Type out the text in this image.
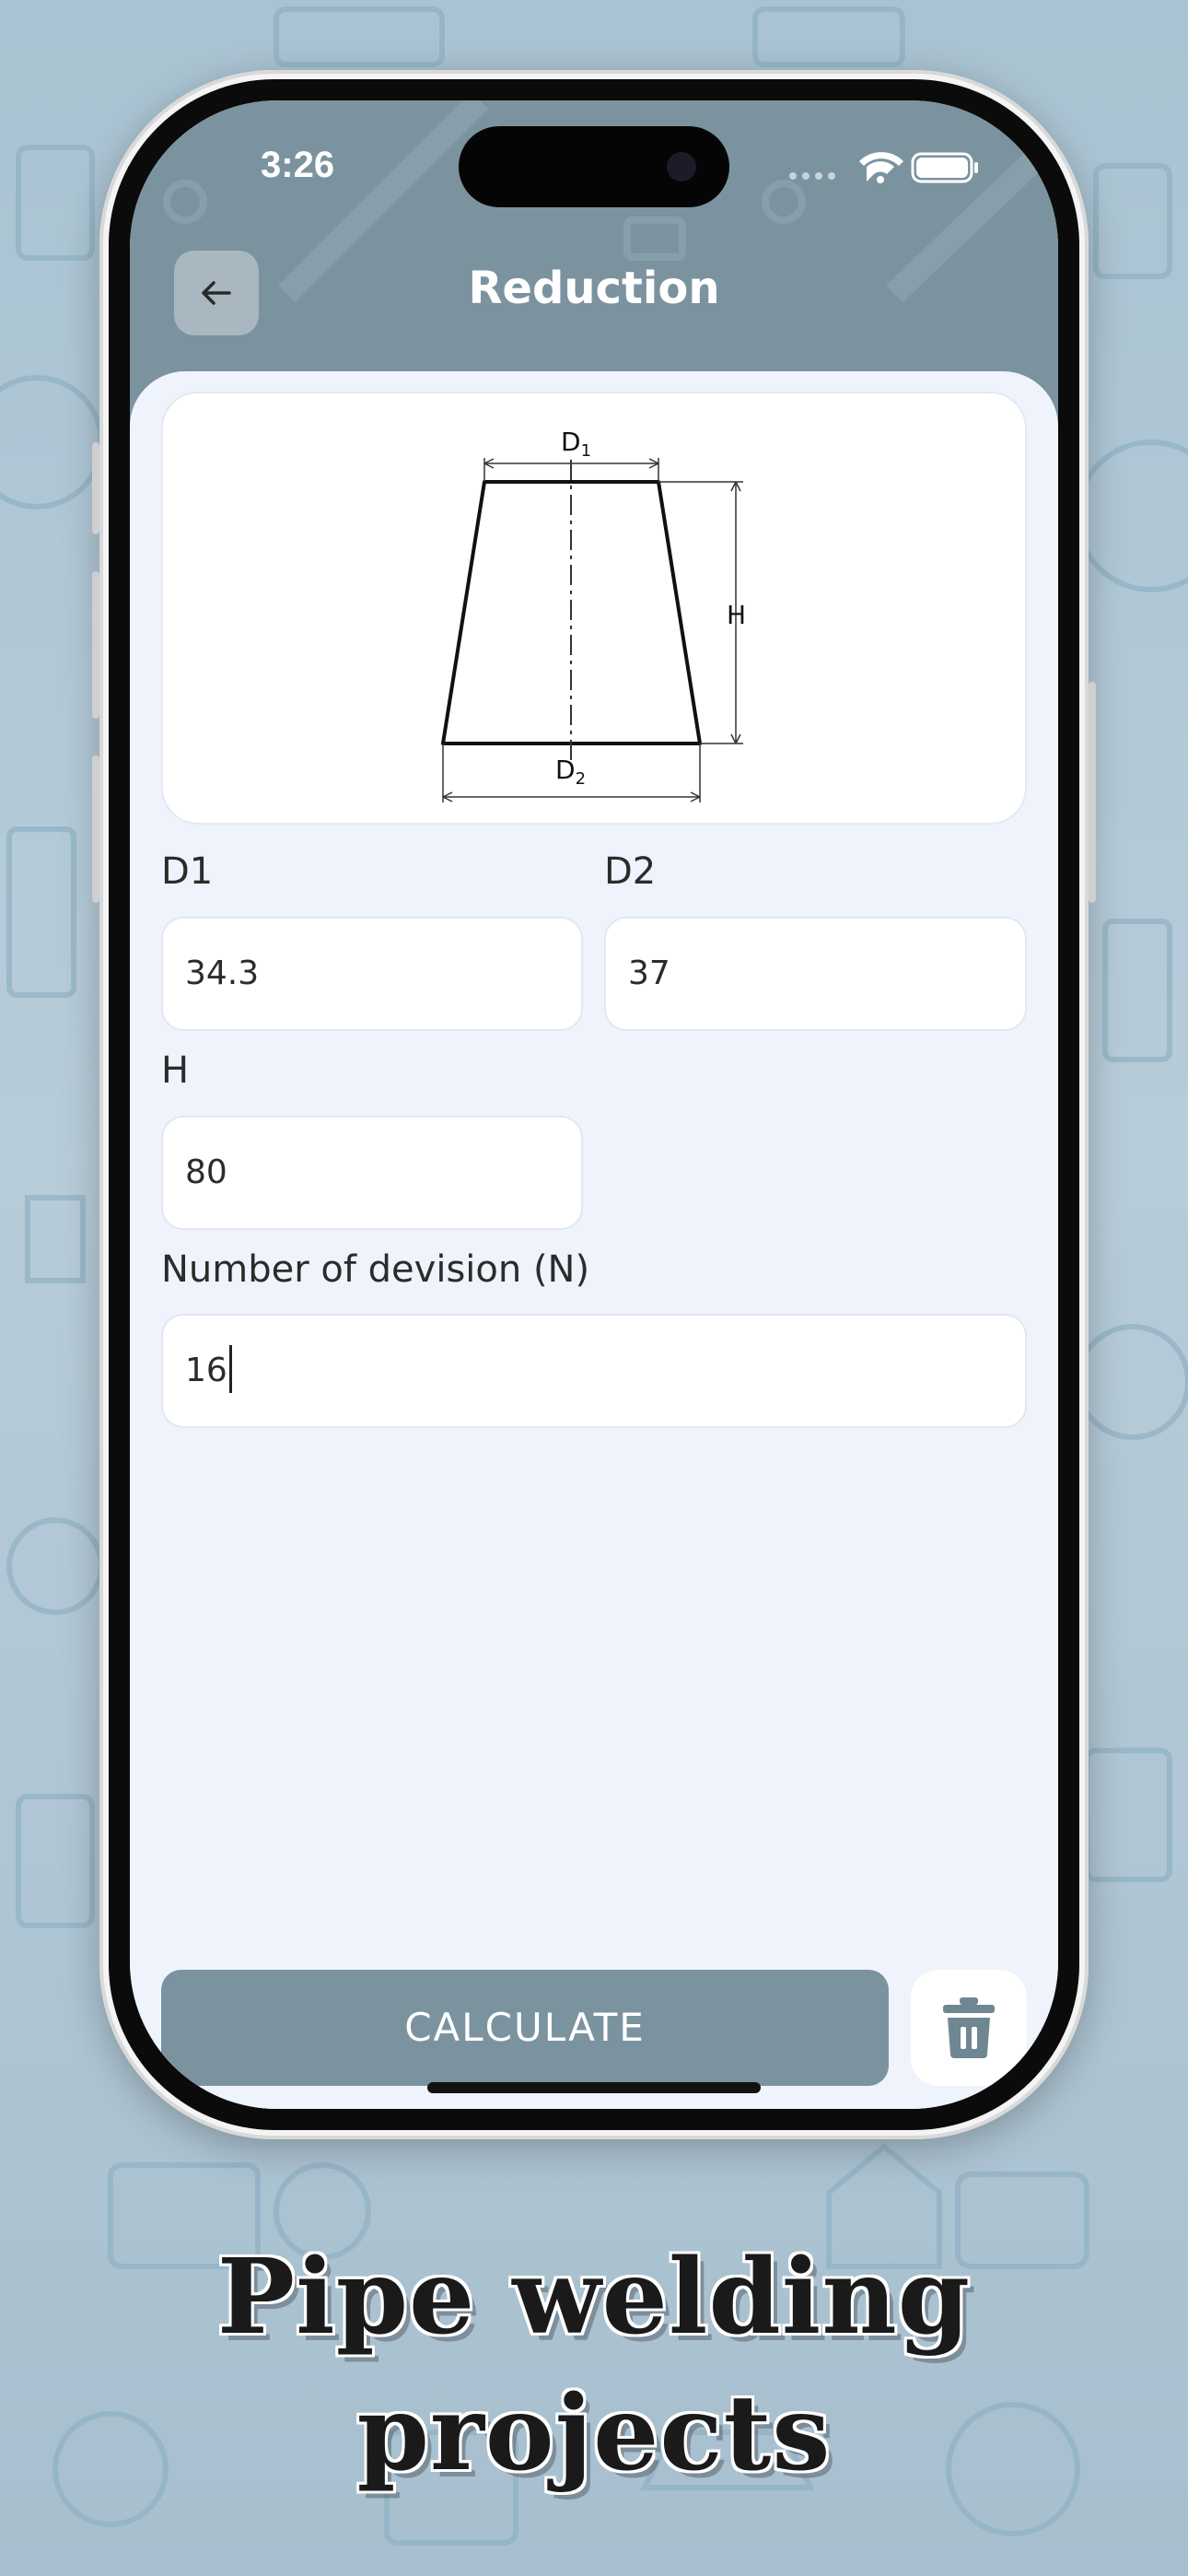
3:26
Reduction
$D_1$
H
$D_2$
D1	D2
34.3	37
H
80
Number of devision (N)
16
CALCULATE
Pipe welding
projects
